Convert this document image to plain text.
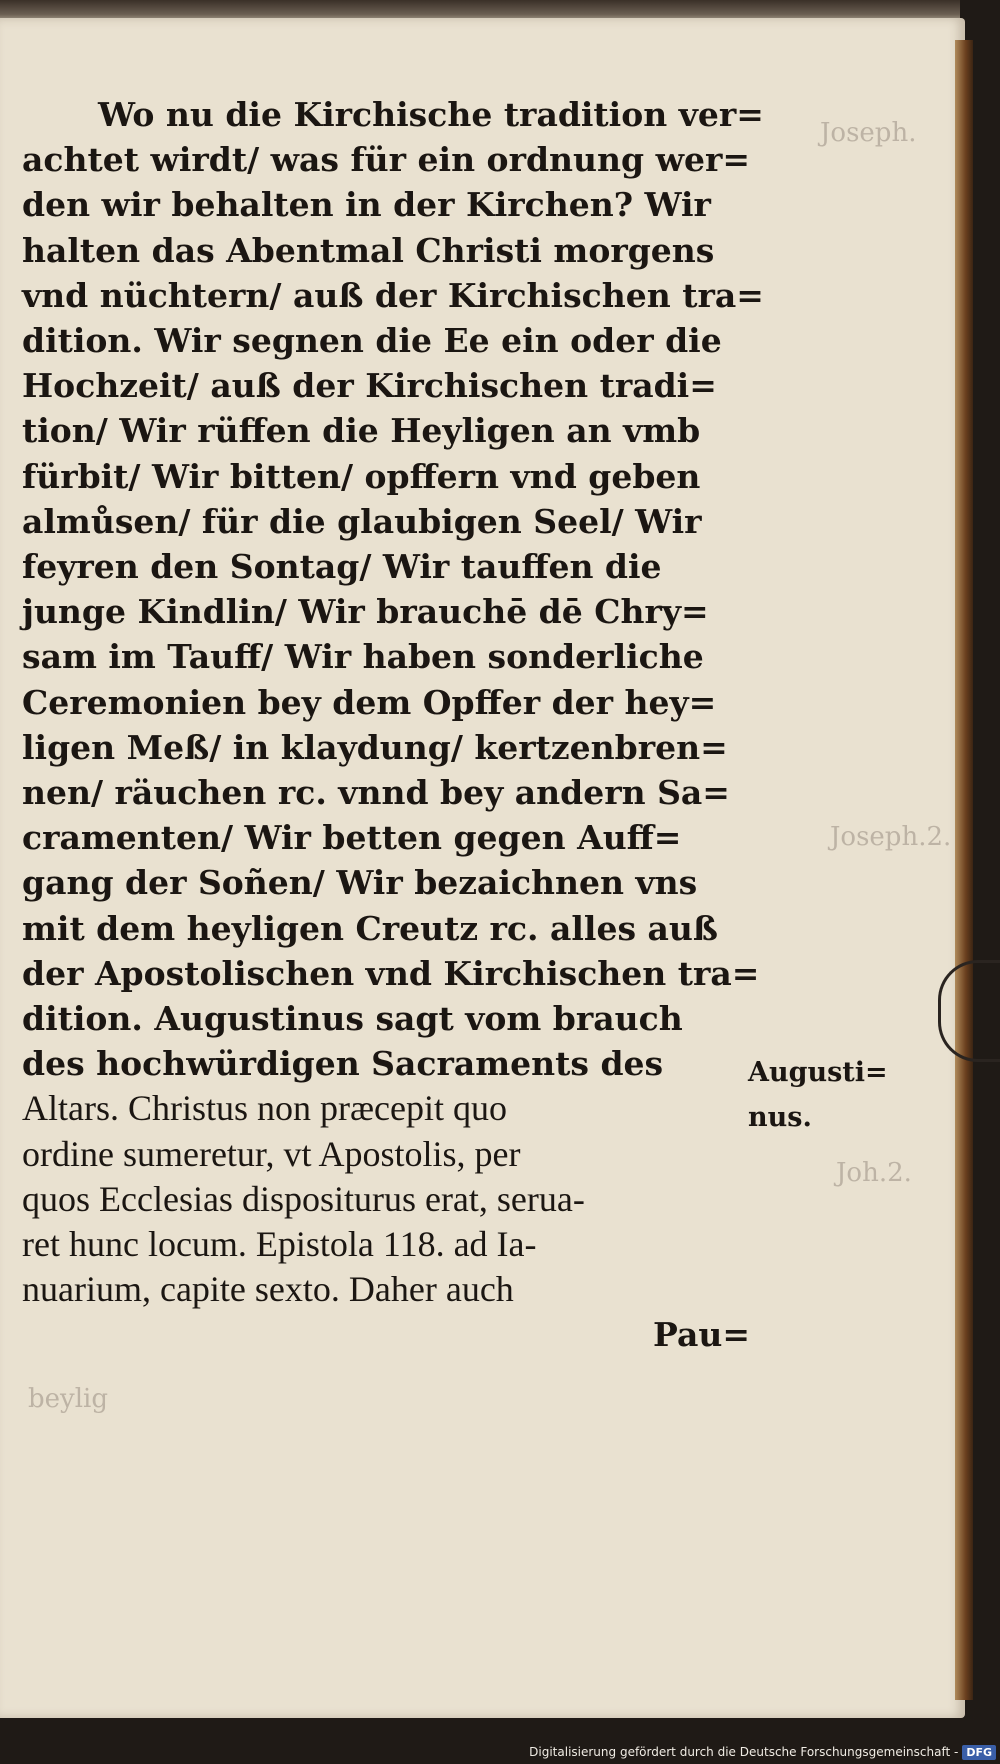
Joseph.
Joseph.2.
Joh.2.
beylig
Wo nu die Kirchische tradition ver=
achtet wirdt/ was für ein ordnung wer=
den wir behalten in der Kirchen? Wir
halten das Abentmal Christi morgens
vnd nüchtern/ auß der Kirchischen tra=
dition. Wir segnen die Ee ein oder die
Hochzeit/ auß der Kirchischen tradi=
tion/ Wir rüffen die Heyligen an vmb
fürbit/ Wir bitten/ opffern vnd geben
almůsen/ für die glaubigen Seel/ Wir
feyren den Sontag/ Wir tauffen die
junge Kindlin/ Wir brauchē dē Chry=
sam im Tauff/ Wir haben sonderliche
Ceremonien bey dem Opffer der hey=
ligen Meß/ in klaydung/ kertzenbren=
nen/ räuchen rc. vnnd bey andern Sa=
cramenten/ Wir betten gegen Auff=
gang der Soñen/ Wir bezaichnen vns
mit dem heyligen Creutz rc. alles auß
der Apostolischen vnd Kirchischen tra=
dition. Augustinus sagt vom brauch
des hochwürdigen Sacraments des
Altars. Christus non præcepit quo
ordine sumeretur, vt Apostolis, per
quos Ecclesias dispositurus erat, serua-
ret hunc locum. Epistola 118. ad Ia-
nuarium, capite sexto. Daher auch
Pau=
Augusti=
nus.
Digitalisierung gefördert durch die Deutsche Forschungsgemeinschaft - DFG
